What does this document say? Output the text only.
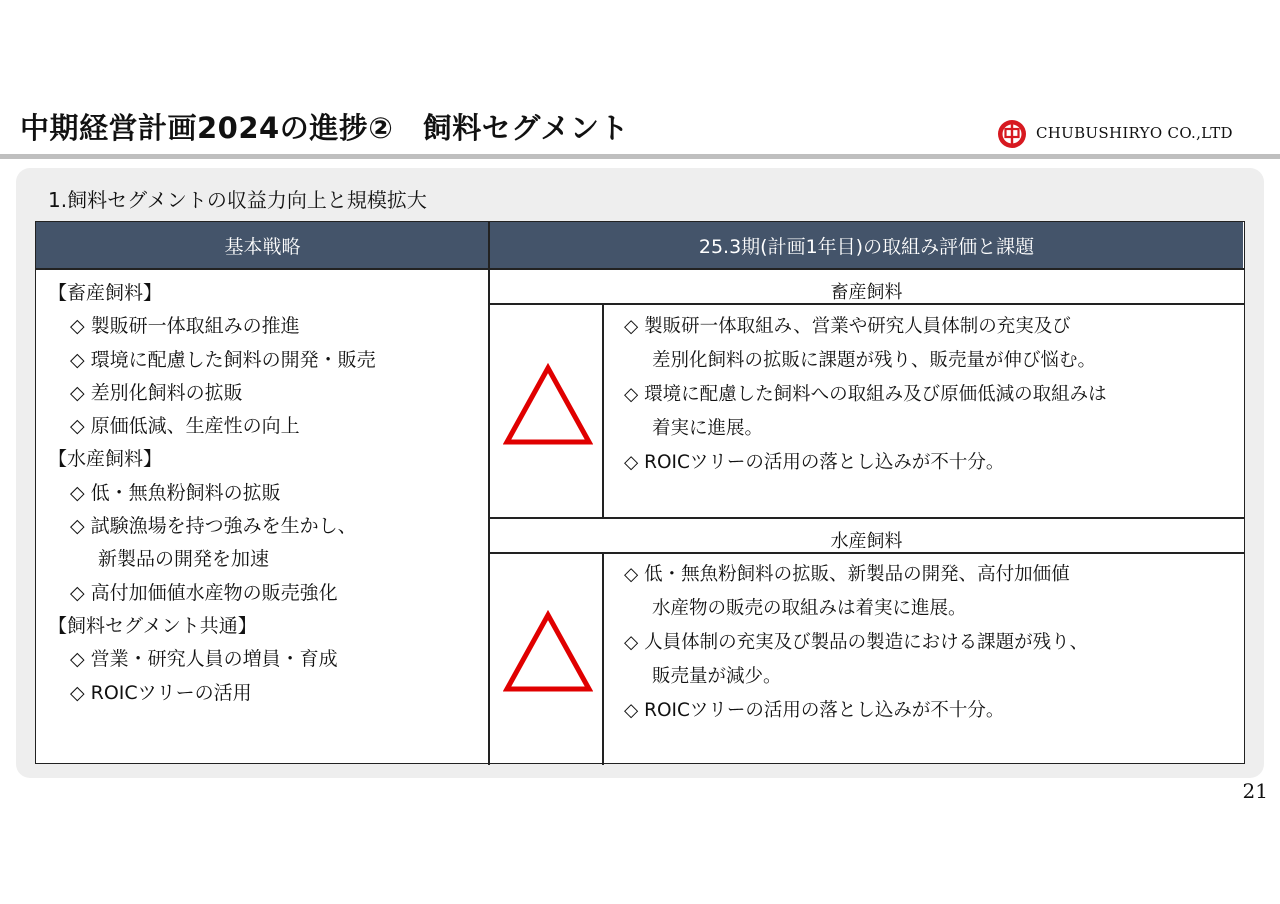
中期経営計画2024の進捗②　飼料セグメント	CHUBUSHIRYO CO.,LTD
1.飼料セグメントの収益力向上と規模拡大
基本戦略	25.3期(計画1年目)の取組み評価と課題
【畜産飼料】
◇ 製販研一体取組みの推進
◇ 環境に配慮した飼料の開発・販売
◇ 差別化飼料の拡販
◇ 原価低減、生産性の向上
【水産飼料】
◇ 低・無魚粉飼料の拡販
◇ 試験漁場を持つ強みを生かし、
新製品の開発を加速
◇ 高付加価値水産物の販売強化
【飼料セグメント共通】
◇ 営業・研究人員の増員・育成
◇ ROICツリーの活用
畜産飼料
◇ 製販研一体取組み、営業や研究人員体制の充実及び
差別化飼料の拡販に課題が残り、販売量が伸び悩む。
◇ 環境に配慮した飼料への取組み及び原価低減の取組みは
着実に進展。
◇ ROICツリーの活用の落とし込みが不十分。
水産飼料
◇ 低・無魚粉飼料の拡販、新製品の開発、高付加価値
水産物の販売の取組みは着実に進展。
◇ 人員体制の充実及び製品の製造における課題が残り、
販売量が減少。
◇ ROICツリーの活用の落とし込みが不十分。
21
